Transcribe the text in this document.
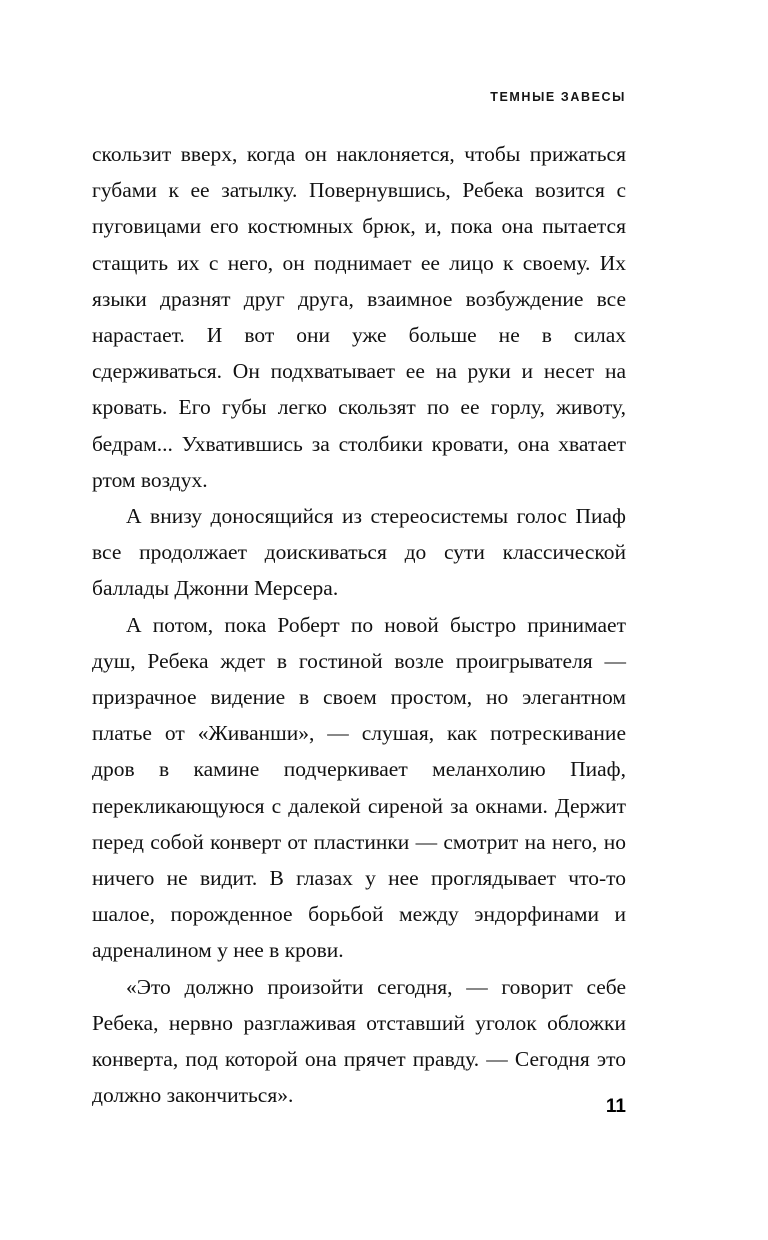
ТЕМНЫЕ ЗАВЕСЫ

скользит вверх, когда он наклоняется, чтобы прижаться губами к ее затылку. Повернувшись, Ребека возится с пуговицами его костюмных брюк, и, пока она пытается стащить их с него, он поднимает ее лицо к своему. Их языки дразнят друг друга, взаимное возбуждение все нарастает. И вот они уже больше не в силах сдерживаться. Он подхватывает ее на руки и несет на кровать. Его губы легко скользят по ее горлу, животу, бедрам... Ухватившись за столбики кровати, она хватает ртом воздух.

А внизу доносящийся из стереосистемы голос Пиаф все продолжает доискиваться до сути классической баллады Джонни Мерсера.

А потом, пока Роберт по новой быстро принимает душ, Ребека ждет в гостиной возле проигрывателя — призрачное видение в своем простом, но элегантном платье от «Живанши», — слушая, как потрескивание дров в камине подчеркивает меланхолию Пиаф, перекликающуюся с далекой сиреной за окнами. Держит перед собой конверт от пластинки — смотрит на него, но ничего не видит. В глазах у нее проглядывает что-то шалое, порожденное борьбой между эндорфинами и адреналином у нее в крови.

«Это должно произойти сегодня, — говорит себе Ребека, нервно разглаживая отставший уголок обложки конверта, под которой она прячет правду. — Сегодня это должно закончиться».	11
